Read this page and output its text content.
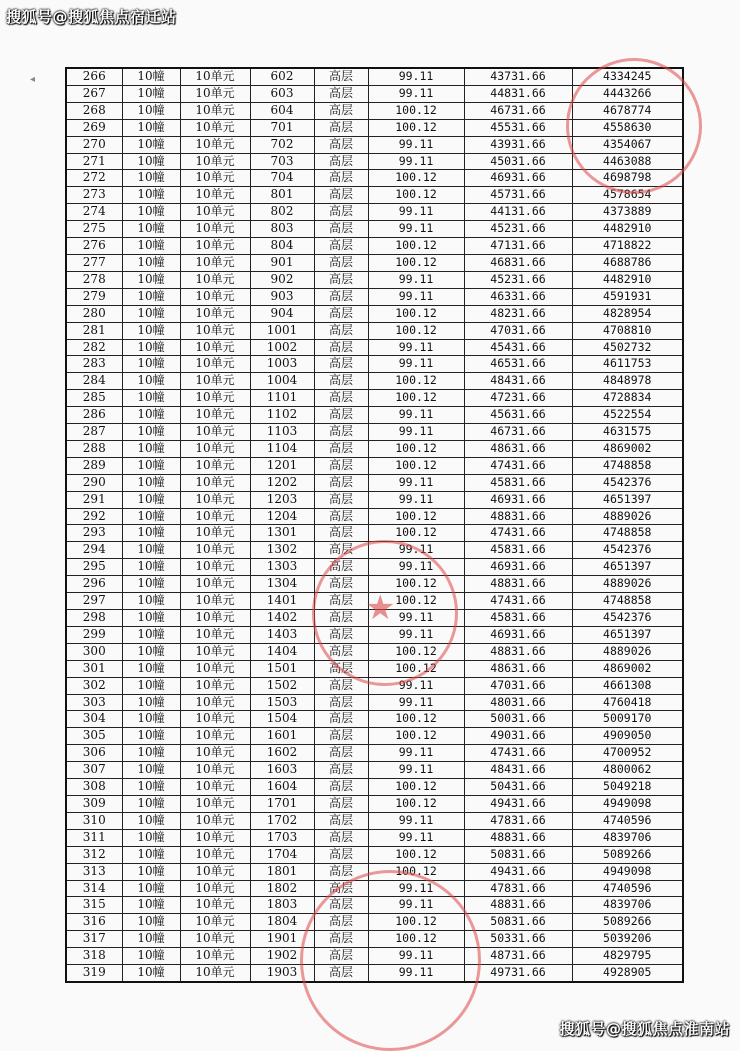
搜狐号@搜狐焦点宿迁站
◂	266	10幢	10单元	602	高层	99.11	43731.66	4334245
267	10幢	10单元	603	高层	99.11	44831.66	4443266
268	10幢	10单元	604	高层	100.12	46731.66	4678774
269	10幢	10单元	701	高层	100.12	45531.66	4558630
270	10幢	10单元	702	高层	99.11	43931.66	4354067
271	10幢	10单元	703	高层	99.11	45031.66	4463088
272	10幢	10单元	704	高层	100.12	46931.66	4698798
273	10幢	10单元	801	高层	100.12	45731.66	4578654
274	10幢	10单元	802	高层	99.11	44131.66	4373889
275	10幢	10单元	803	高层	99.11	45231.66	4482910
276	10幢	10单元	804	高层	100.12	47131.66	4718822
277	10幢	10单元	901	高层	100.12	46831.66	4688786
278	10幢	10单元	902	高层	99.11	45231.66	4482910
279	10幢	10单元	903	高层	99.11	46331.66	4591931
280	10幢	10单元	904	高层	100.12	48231.66	4828954
281	10幢	10单元	1001	高层	100.12	47031.66	4708810
282	10幢	10单元	1002	高层	99.11	45431.66	4502732
283	10幢	10单元	1003	高层	99.11	46531.66	4611753
284	10幢	10单元	1004	高层	100.12	48431.66	4848978
285	10幢	10单元	1101	高层	100.12	47231.66	4728834
286	10幢	10单元	1102	高层	99.11	45631.66	4522554
287	10幢	10单元	1103	高层	99.11	46731.66	4631575
288	10幢	10单元	1104	高层	100.12	48631.66	4869002
289	10幢	10单元	1201	高层	100.12	47431.66	4748858
290	10幢	10单元	1202	高层	99.11	45831.66	4542376
291	10幢	10单元	1203	高层	99.11	46931.66	4651397
292	10幢	10单元	1204	高层	100.12	48831.66	4889026
293	10幢	10单元	1301	高层	100.12	47431.66	4748858
294	10幢	10单元	1302	高层	99.11	45831.66	4542376
295	10幢	10单元	1303	高层	99.11	46931.66	4651397
296	10幢	10单元	1304	高层	100.12	48831.66	4889026
297	10幢	10单元	1401	高层	100.12	47431.66	4748858
298	10幢	10单元	1402	高层	99.11	45831.66	4542376
299	10幢	10单元	1403	高层	99.11	46931.66	4651397
300	10幢	10单元	1404	高层	100.12	48831.66	4889026
301	10幢	10单元	1501	高层	100.12	48631.66	4869002
302	10幢	10单元	1502	高层	99.11	47031.66	4661308
303	10幢	10单元	1503	高层	99.11	48031.66	4760418
304	10幢	10单元	1504	高层	100.12	50031.66	5009170
305	10幢	10单元	1601	高层	100.12	49031.66	4909050
306	10幢	10单元	1602	高层	99.11	47431.66	4700952
307	10幢	10单元	1603	高层	99.11	48431.66	4800062
308	10幢	10单元	1604	高层	100.12	50431.66	5049218
309	10幢	10单元	1701	高层	100.12	49431.66	4949098
310	10幢	10单元	1702	高层	99.11	47831.66	4740596
311	10幢	10单元	1703	高层	99.11	48831.66	4839706
312	10幢	10单元	1704	高层	100.12	50831.66	5089266
313	10幢	10单元	1801	高层	100.12	49431.66	4949098
314	10幢	10单元	1802	高层	99.11	47831.66	4740596
315	10幢	10单元	1803	高层	99.11	48831.66	4839706
316	10幢	10单元	1804	高层	100.12	50831.66	5089266
317	10幢	10单元	1901	高层	100.12	50331.66	5039206
318	10幢	10单元	1902	高层	99.11	48731.66	4829795
319	10幢	10单元	1903	高层	99.11	49731.66	4928905
★
搜狐号@搜狐焦点淮南站
